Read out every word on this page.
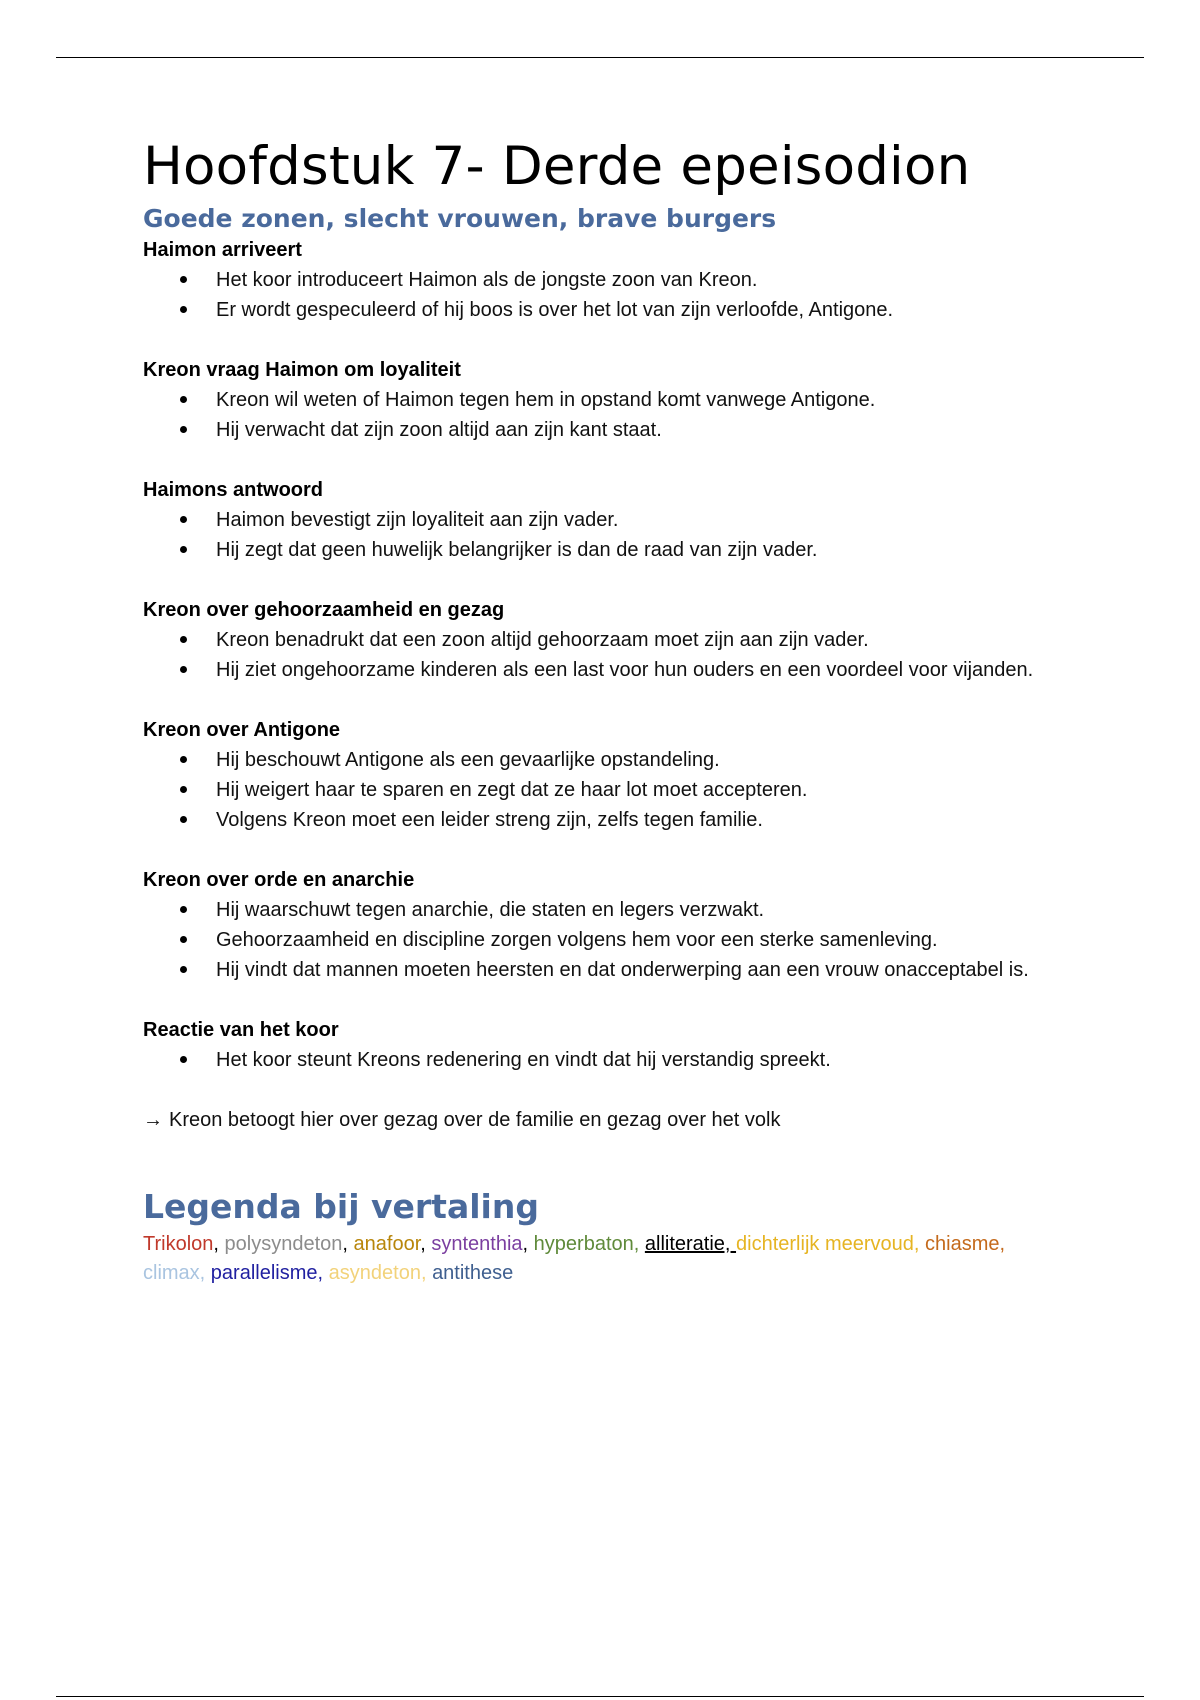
Hoofdstuk 7- Derde epeisodion
Goede zonen, slecht vrouwen, brave burgers

Haimon arriveert

Het koor introduceert Haimon als de jongste zoon van Kreon.
Er wordt gespeculeerd of hij boos is over het lot van zijn verloofde, Antigone.

Kreon vraag Haimon om loyaliteit

Kreon wil weten of Haimon tegen hem in opstand komt vanwege Antigone.
Hij verwacht dat zijn zoon altijd aan zijn kant staat.

Haimons antwoord

Haimon bevestigt zijn loyaliteit aan zijn vader.
Hij zegt dat geen huwelijk belangrijker is dan de raad van zijn vader.

Kreon over gehoorzaamheid en gezag

Kreon benadrukt dat een zoon altijd gehoorzaam moet zijn aan zijn vader.
Hij ziet ongehoorzame kinderen als een last voor hun ouders en een voordeel voor vijanden.

Kreon over Antigone

Hij beschouwt Antigone als een gevaarlijke opstandeling.
Hij weigert haar te sparen en zegt dat ze haar lot moet accepteren.
Volgens Kreon moet een leider streng zijn, zelfs tegen familie.

Kreon over orde en anarchie

Hij waarschuwt tegen anarchie, die staten en legers verzwakt.
Gehoorzaamheid en discipline zorgen volgens hem voor een sterke samenleving.
Hij vindt dat mannen moeten heersten en dat onderwerping aan een vrouw onacceptabel is.

Reactie van het koor

Het koor steunt Kreons redenering en vindt dat hij verstandig spreekt.

→ Kreon betoogt hier over gezag over de familie en gezag over het volk

Legenda bij vertaling
Trikolon, polysyndeton, anafoor, syntenthia, hyperbaton, alliteratie, dichterlijk meervoud, chiasme, climax, parallelisme, asyndeton, antithese
